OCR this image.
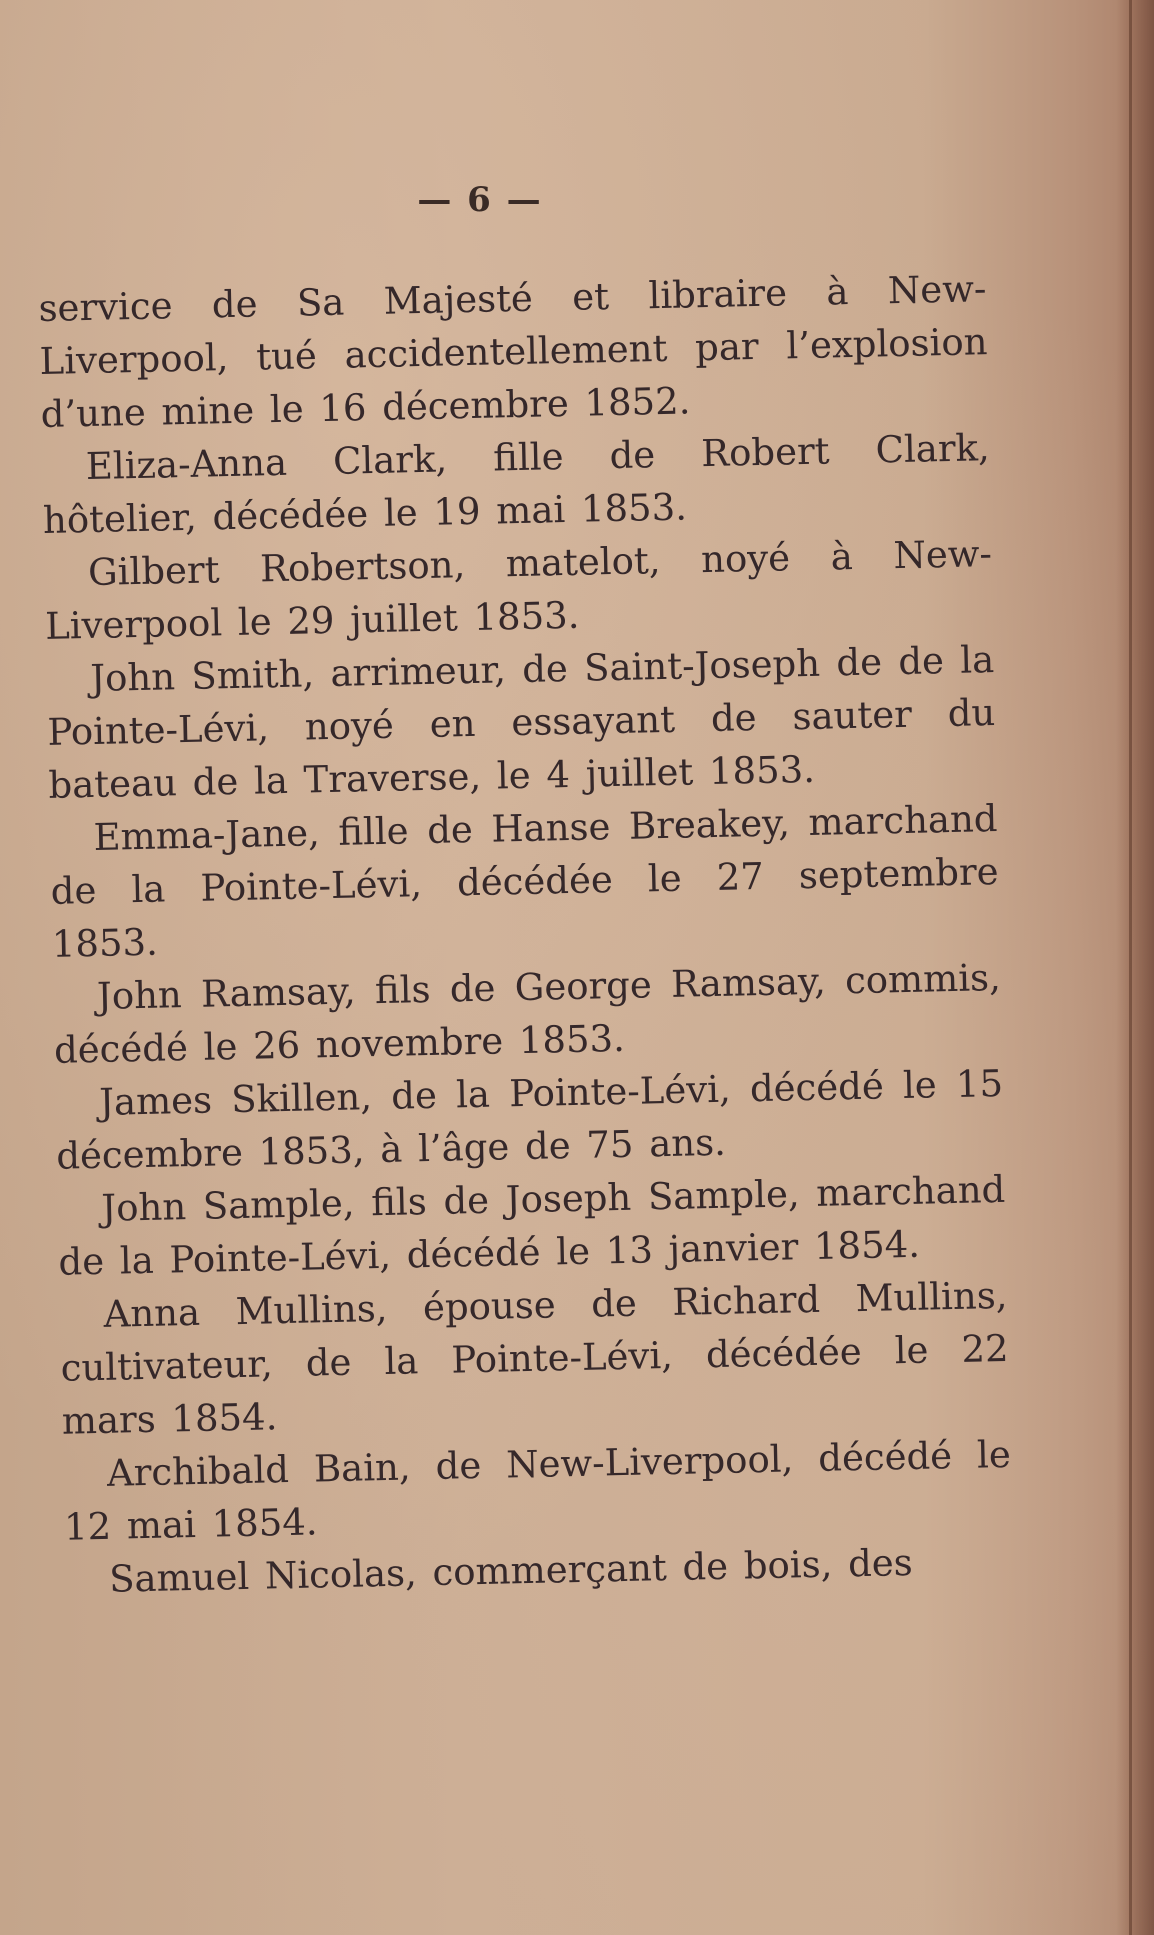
— 6 —

service de Sa Majesté et libraire à New-Liverpool, tué accidentellement par l’explosion d’une mine le 16 décembre 1852.

Eliza-Anna Clark, fille de Robert Clark, hôtelier, décédée le 19 mai 1853.

Gilbert Robertson, matelot, noyé à New-Liverpool le 29 juillet 1853.

John Smith, arrimeur, de Saint-Joseph de de la Pointe-Lévi, noyé en essayant de sauter du bateau de la Traverse, le 4 juillet 1853.

Emma-Jane, fille de Hanse Breakey, marchand de la Pointe-Lévi, décédée le 27 septembre 1853.

John Ramsay, fils de George Ramsay, commis, décédé le 26 novembre 1853.

James Skillen, de la Pointe-Lévi, décédé le 15 décembre 1853, à l’âge de 75 ans.

John Sample, fils de Joseph Sample, marchand de la Pointe-Lévi, décédé le 13 janvier 1854.

Anna Mullins, épouse de Richard Mullins, cultivateur, de la Pointe-Lévi, décédée le 22 mars 1854.

Archibald Bain, de New-Liverpool, décédé le 12 mai 1854.

Samuel Nicolas, commerçant de bois, des
